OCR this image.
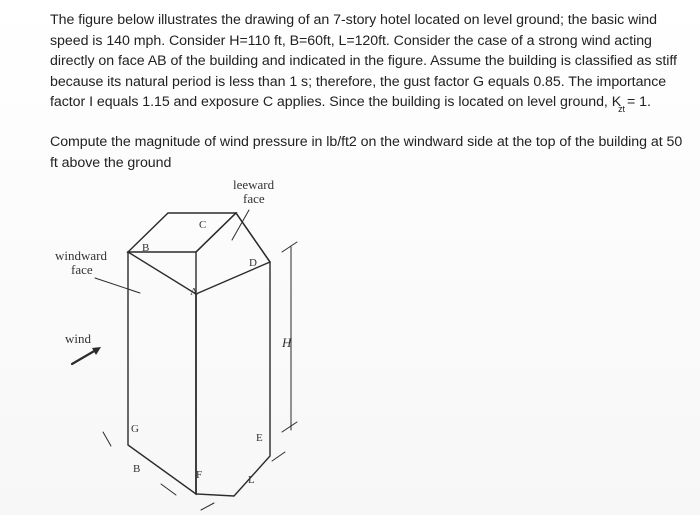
The figure below illustrates the drawing of an 7-story hotel located on level ground; the basic wind
speed is 140 mph. Consider H=110 ft, B=60ft, L=120ft. Consider the case of a strong wind acting
directly on face AB of the building and indicated in the figure. Assume the building is classified as stiff
because its natural period is less than 1 s; therefore, the gust factor G equals 0.85. The importance
factor I equals 1.15 and exposure C applies. Since the building is located on level ground, $K_{zt} = 1$.
Compute the magnitude of wind pressure in lb/ft2 on the windward side at the top of the building at 50
ft above the ground
leeward
face
windward
face
wind
C
B
D
A
G
E
F
H
B
L
